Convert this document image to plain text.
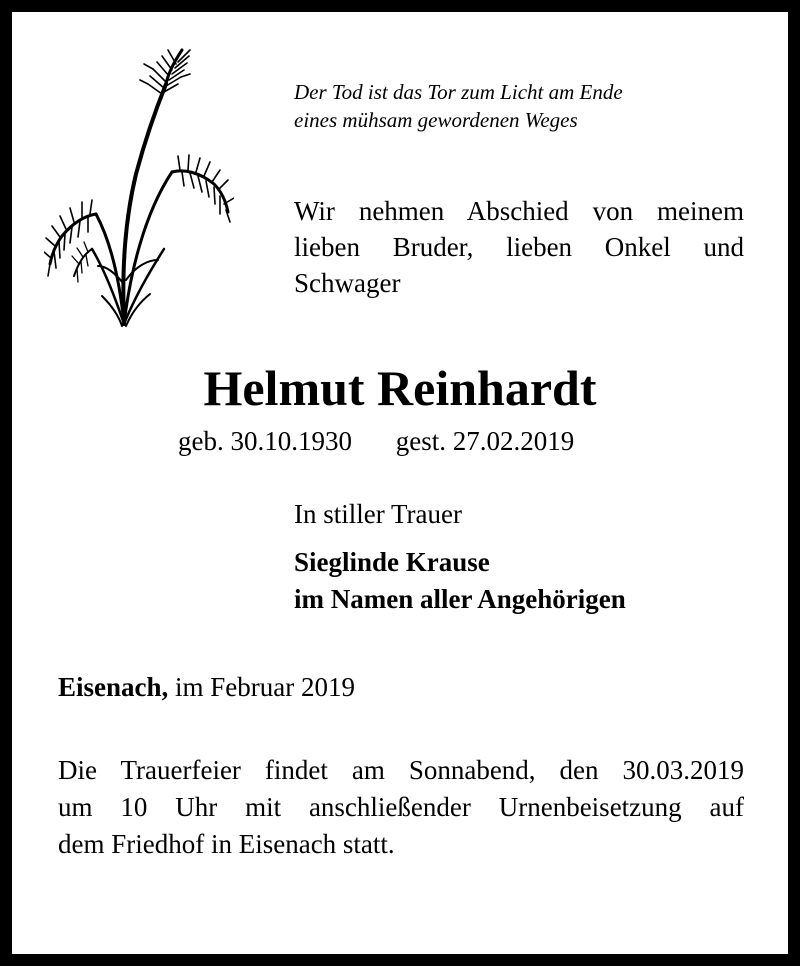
Der Tod ist das Tor zum Licht am Ende
eines mühsam gewordenen Weges

Wir nehmen Abschied von meinem lieben Bruder, lieben Onkel und Schwager

Helmut Reinhardt
geb. 30.10.1930 gest. 27.02.2019
In stiller Trauer
Sieglinde Krause
im Namen aller Angehörigen
Eisenach, im Februar 2019

Die Trauerfeier findet am Sonnabend, den 30.03.2019
um 10 Uhr mit anschließender Urnenbeisetzung auf
dem Friedhof in Eisenach statt.
